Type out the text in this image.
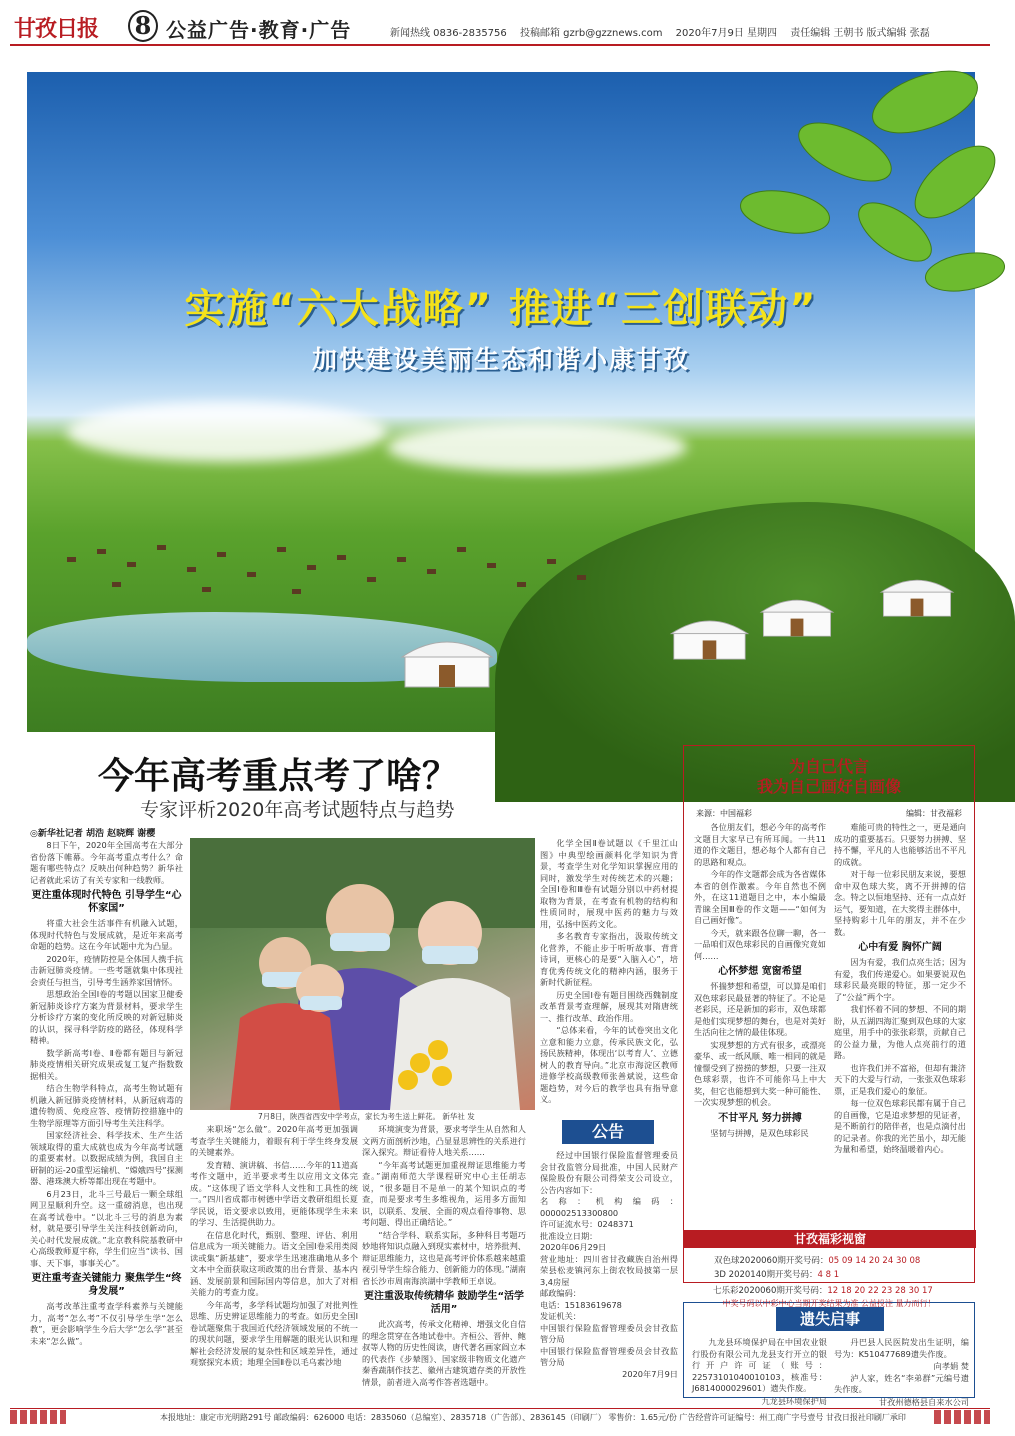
甘孜日报 8 公益广告·教育·广告	新闻热线 0836-2835756 投稿邮箱 gzrb@gzznews.com 2020年7月9日 星期四 责任编辑 王朝书 版式编辑 张磊
实施“六大战略” 推进“三创联动”
加快建设美丽生态和谐小康甘孜
今年高考重点考了啥？
专家评析2020年高考试题特点与趋势
◎新华社记者 胡浩 赵晓辉 谢樱

8日下午，2020年全国高考在大部分省份落下帷幕。今年高考重点考什么？命题有哪些特点？反映出何种趋势？新华社记者就此采访了有关专家和一线教师。

更注重体现时代特色 引导学生“心怀家国”

将重大社会生活事件有机融入试题，体现时代特色与发展成就，是近年来高考命题的趋势。这在今年试题中尤为凸显。

2020年，疫情防控是全体国人携手抗击新冠肺炎疫情。一些考题就集中体现社会责任与担当，引导考生涵养家国情怀。

思想政治全国Ⅰ卷的考题以国家卫健委新冠肺炎诊疗方案为背景材料，要求学生分析诊疗方案的变化所反映的对新冠肺炎的认识，探寻科学防疫的路径，体现科学精神。

数学新高考Ⅰ卷、Ⅱ卷都有题目与新冠肺炎疫情相关研究成果或复工复产指数数据相关。

结合生物学科特点，高考生物试题有机融入新冠肺炎疫情材料，从新冠病毒的遗传物质、免疫应答、疫情防控措施中的生物学原理等方面引导考生关注科学。

国家经济社会、科学技术、生产生活领域取得的重大成就也成为今年高考试题的重要素材。以数据成绩为例，我国自主研制的运-20重型运输机、“嫦娥四号”探测器、港珠澳大桥等都出现在考题中。

6月23日，北斗三号最后一颗全球组网卫星顺利升空。这一重磅消息，也出现在高考试卷中。“以北斗三号的消息为素材，就是要引导学生关注科技创新动向，关心时代发展成就。”北京教科院基教研中心高级教师夏宇称，学生们应当“读书、国事、天下事，事事关心”。

更注重考查关键能力 聚焦学生“终身发展”

高考改革注重考查学科素养与关键能力，高考“怎么考”不仅引导学生学“怎么教”，更会影响学生今后大学“怎么学”甚至未来“怎么做”。

7月8日，陕西省西安中学考点，家长为考生送上鲜花。 新华社 发

来职场“怎么做”。2020年高考更加强调考查学生关键能力，着眼有利于学生终身发展的关键素养。

发育精、演讲稿、书信……今年的11道高考作文题中，近半要求考生以应用文文体完成。“这体现了语文学科人文性和工具性的统一。”四川省成都市树德中学语文教研组组长夏学民说，语文要求以致用，更能体现学生未来的学习、生活提供助力。

在信息化时代，甄别、整理、评估、利用信息成为一项关键能力。语文全国Ⅰ卷采用类阅读或集“新基建”，要求学生迅速准确地从多个文本中全面获取这项政策的出台背景、基本内涵、发展前景和国际国内等信息，加大了对相关能力的考查力度。

今年高考，多学科试题均加强了对批判性思维、历史辨证思维能力的考查。如历史全国Ⅰ卷试题聚焦于我国近代经济领域发展的不统一的现状问题，要求学生用解题的眼光认识和理解社会经济发展的复杂性和区域差异性，通过观察探究本质；地理全国Ⅱ卷以毛乌素沙地

环境演变为背景，要求考学生从自然和人文两方面剖析沙地，凸显显思辨性的关系进行深入探究。辩证看待人地关系……

“今年高考试题更加重视辩证思维能力考查。”湖南师范大学课程研究中心主任胡志说，“很多题目不是单一的某个知识点的考查，而是要求考生多维视角，运用多方面知识，以联系、发展、全面的观点看待事物、思考问题、得出正确结论。”

“结合学科、联系实际，多种科目考题巧妙地将知识点融入到现实素材中，培养批判、辩证思维能力，这也是高考评价体系越来越重视引导学生综合能力、创新能力的体现。”湖南省长沙市周南海滨湖中学教师王卓说。

更注重汲取传统精华 鼓励学生“活学活用”

此次高考，传承文化精神、增强文化自信的理念贯穿在各地试卷中。齐桓公、晋仲、鲍叔等人物的历史性阅读，唐代著名画家阎立本的代表作《步辇图》、国家级非物质文化遗产秦香蔬制作技艺、徽州古建筑遗存类的开放性情景，前者进入高考作答者选题中。

化学全国Ⅱ卷试题以《千里江山图》中典型绘画颜料化学知识为背景，考查学生对化学知识掌握应用的同时，激发学生对传统艺术的兴趣；全国Ⅰ卷和Ⅲ卷有试题分别以中药材提取物为背景，在考查有机物的结构和性质同时，展现中医药的魅力与效用，弘扬中医药文化。

多名教育专家指出，汲取传统文化营养，不能止步于听听故事、背背诗词，更核心的是要“入脑入心”，培育优秀传统文化的精神内涵，服务于新时代新征程。

历史全国Ⅰ卷有题目围绕西魏制度改革背景考查理解，展现其对隋唐统一、推行改革、政治作用。

“总体来看，今年的试卷突出文化立意和能力立意，传承民族文化，弘扬民族精神，体现出‘以考育人’、立德树人的教育导向。”北京市海淀区教师进修学校高级教师张善斌说，这些命题趋势，对今后的教学也具有指导意义。

公告
经过中国银行保险监督管理委员会甘孜监管分局批准，中国人民财产保险股份有限公司得荣支公司设立，公告内容如下：
名称：机构编码：000002513300800
许可证流水号：0248371
批准设立日期：
2020年06月29日
营业地址：四川省甘孜藏族自治州得荣县松麦镇河东上街农牧局披第一层3,4房屋
邮政编码：
电话：15183619678
发证机关：
中国银行保险监督管理委员会甘孜监管分局
中国银行保险监督管理委员会甘孜监管分局
2020年7月9日
为自己代言
我为自己画好自画像
来源：中国福彩	编辑：甘孜福彩

各位朋友们，想必今年的高考作文题目大家早已有所耳闻。一共11道的作文题目，想必每个人都有自己的思路和观点。

今年的作文题都会成为各省媒体本省的创作激素。今年自然也不例外，在这11道题目之中，本小编最青睐全国Ⅲ卷的作文题——“如何为自己画好像”。

今天，就来跟各位聊一聊，各一一品咱们双色球彩民的自画像究竟如何……

心怀梦想 宽窗希望

怀揣梦想和希望，可以算是咱们双色球彩民最显著的特征了。不论是老彩民，还是新加的彩市，双色球都是他们实现梦想的舞台，也是对美好生活向往之情的最佳体现。

实现梦想的方式有很多，或漂亮豪华、或一纸风顺、唯一相同的就是憧憬受到了捞捞的梦想，只要一注双色球彩票，也许不可能你马上中大奖，但它也能想到大奖一种可能性、一次实现梦想的机会。

不甘平凡 努力拼搏

坚韧与拼搏，是双色球彩民

难能可贵的特性之一，更是通向成功的重要基石。只要努力拼搏、坚持不懈，平凡的人也能够活出不平凡的成就。

对于每一位彩民朋友来说，要想命中双色球大奖，离不开拼搏的信念。特之以恒地坚持、还有一点点好运气，要知道，在大奖得主群体中，坚持购彩十几年的朋友，并不在少数。

心中有爱 胸怀广阔

因为有爱，我们点亮生活；因为有爱，我们传递爱心。如果要说双色球彩民最亮眼的特征，那一定少不了“公益”两个字。

我们怀着不同的梦想、不同的期盼，从五湖四海汇聚到双色球的大家庭里，用手中的张张彩票，贡献自己的公益力量，为他人点亮前行的道路。

也许我们并不富裕，但却有兼济天下的大爱与行动，一张张双色球彩票，正是我们爱心的象征。

每一位双色球彩民都有属于自己的自画像，它是追求梦想的见证者，是不断前行的陪伴者，也是点滴付出的记录者。你我的光芒虽小，却无能为量和希望，始终温暖着内心。

甘孜福彩视窗
双色球2020060期开奖号码：05 09 14 20 24 30 08
3D 2020140期开奖号码：4 8 1
七乐彩2020060期开奖号码：12 18 20 22 23 28 30 17
遗失启事

九龙县环境保护局在中国农业银行股份有限公司九龙县支行开立的银行开户许可证（账号：22573101040010103，核准号：J6814000029601）遗失作废。

九龙县环境保护局

丹巴县人民医院发出生证明，编号为：K510477689遗失作废。

向孝娟 焚

泸人家，姓名“李弟群”元编号遗失作废。

甘孜州德格县自来水公司
本报地址：康定市光明路291号 邮政编码：626000 电话：2835060（总编室）、2835718（广告部）、2836145（印刷厂） 零售价：1.65元/份 广告经营许可证编号：州工商广字号壹号 甘孜日报社印刷厂承印
中奖号码以中彩中心当期开奖结果为准 公益投注 量力而行！
